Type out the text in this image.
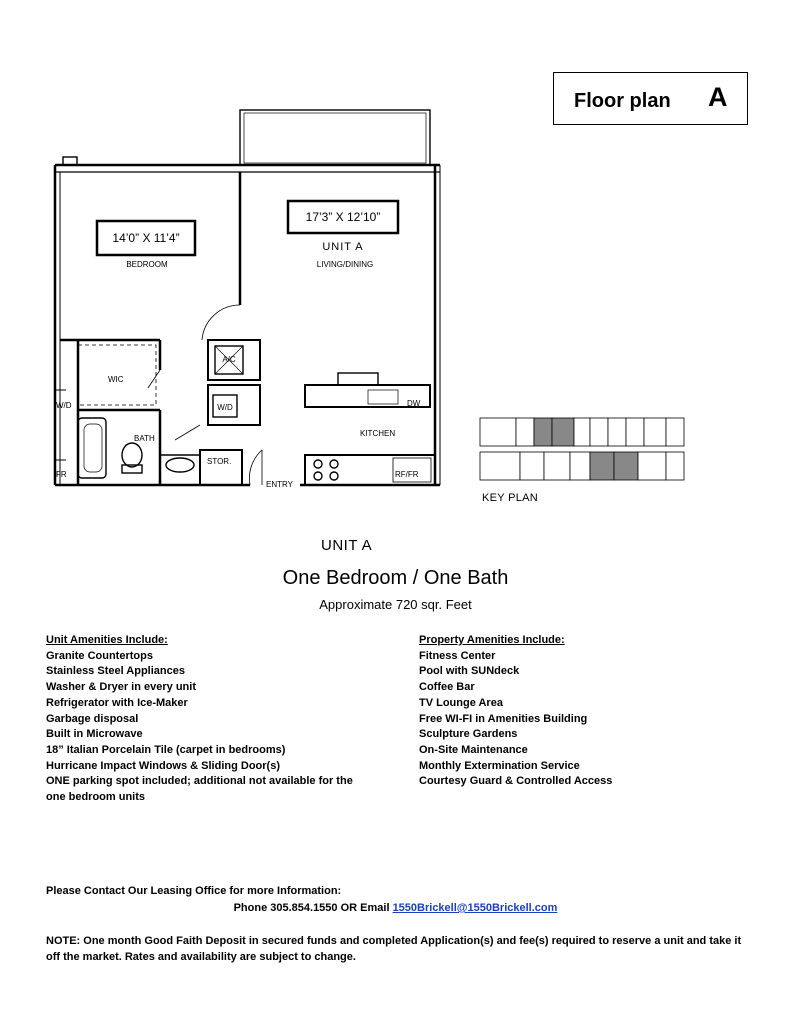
Floor plan A
14’0” X 11’4”
17’3” X 12’10”
UNIT A
BEDROOM	LIVING/DINING
WIC
A/C
W/D
BATH
STOR.
KITCHEN
DW
RF/FR
ENTRY
W/D
FR
KEY PLAN
UNIT A
One Bedroom / One Bath
Approximate 720 sqr. Feet
Unit Amenities Include:
Granite Countertops
Stainless Steel Appliances
Washer & Dryer in every unit
Refrigerator with Ice-Maker
Garbage disposal
Built in Microwave
18” Italian Porcelain Tile (carpet in bedrooms)
Hurricane Impact Windows & Sliding Door(s)
ONE parking spot included; additional not available for the
one bedroom units
Property Amenities Include:
Fitness Center
Pool with SUNdeck
Coffee Bar
TV Lounge Area
Free WI-FI in Amenities Building
Sculpture Gardens
On-Site Maintenance
Monthly Extermination Service
Courtesy Guard & Controlled Access
Please Contact Our Leasing Office for more Information:
Phone 305.854.1550 OR Email 1550Brickell@1550Brickell.com
NOTE: One month Good Faith Deposit in secured funds and completed Application(s) and fee(s) required to reserve a unit and take it off the market. Rates and availability are subject to change.
